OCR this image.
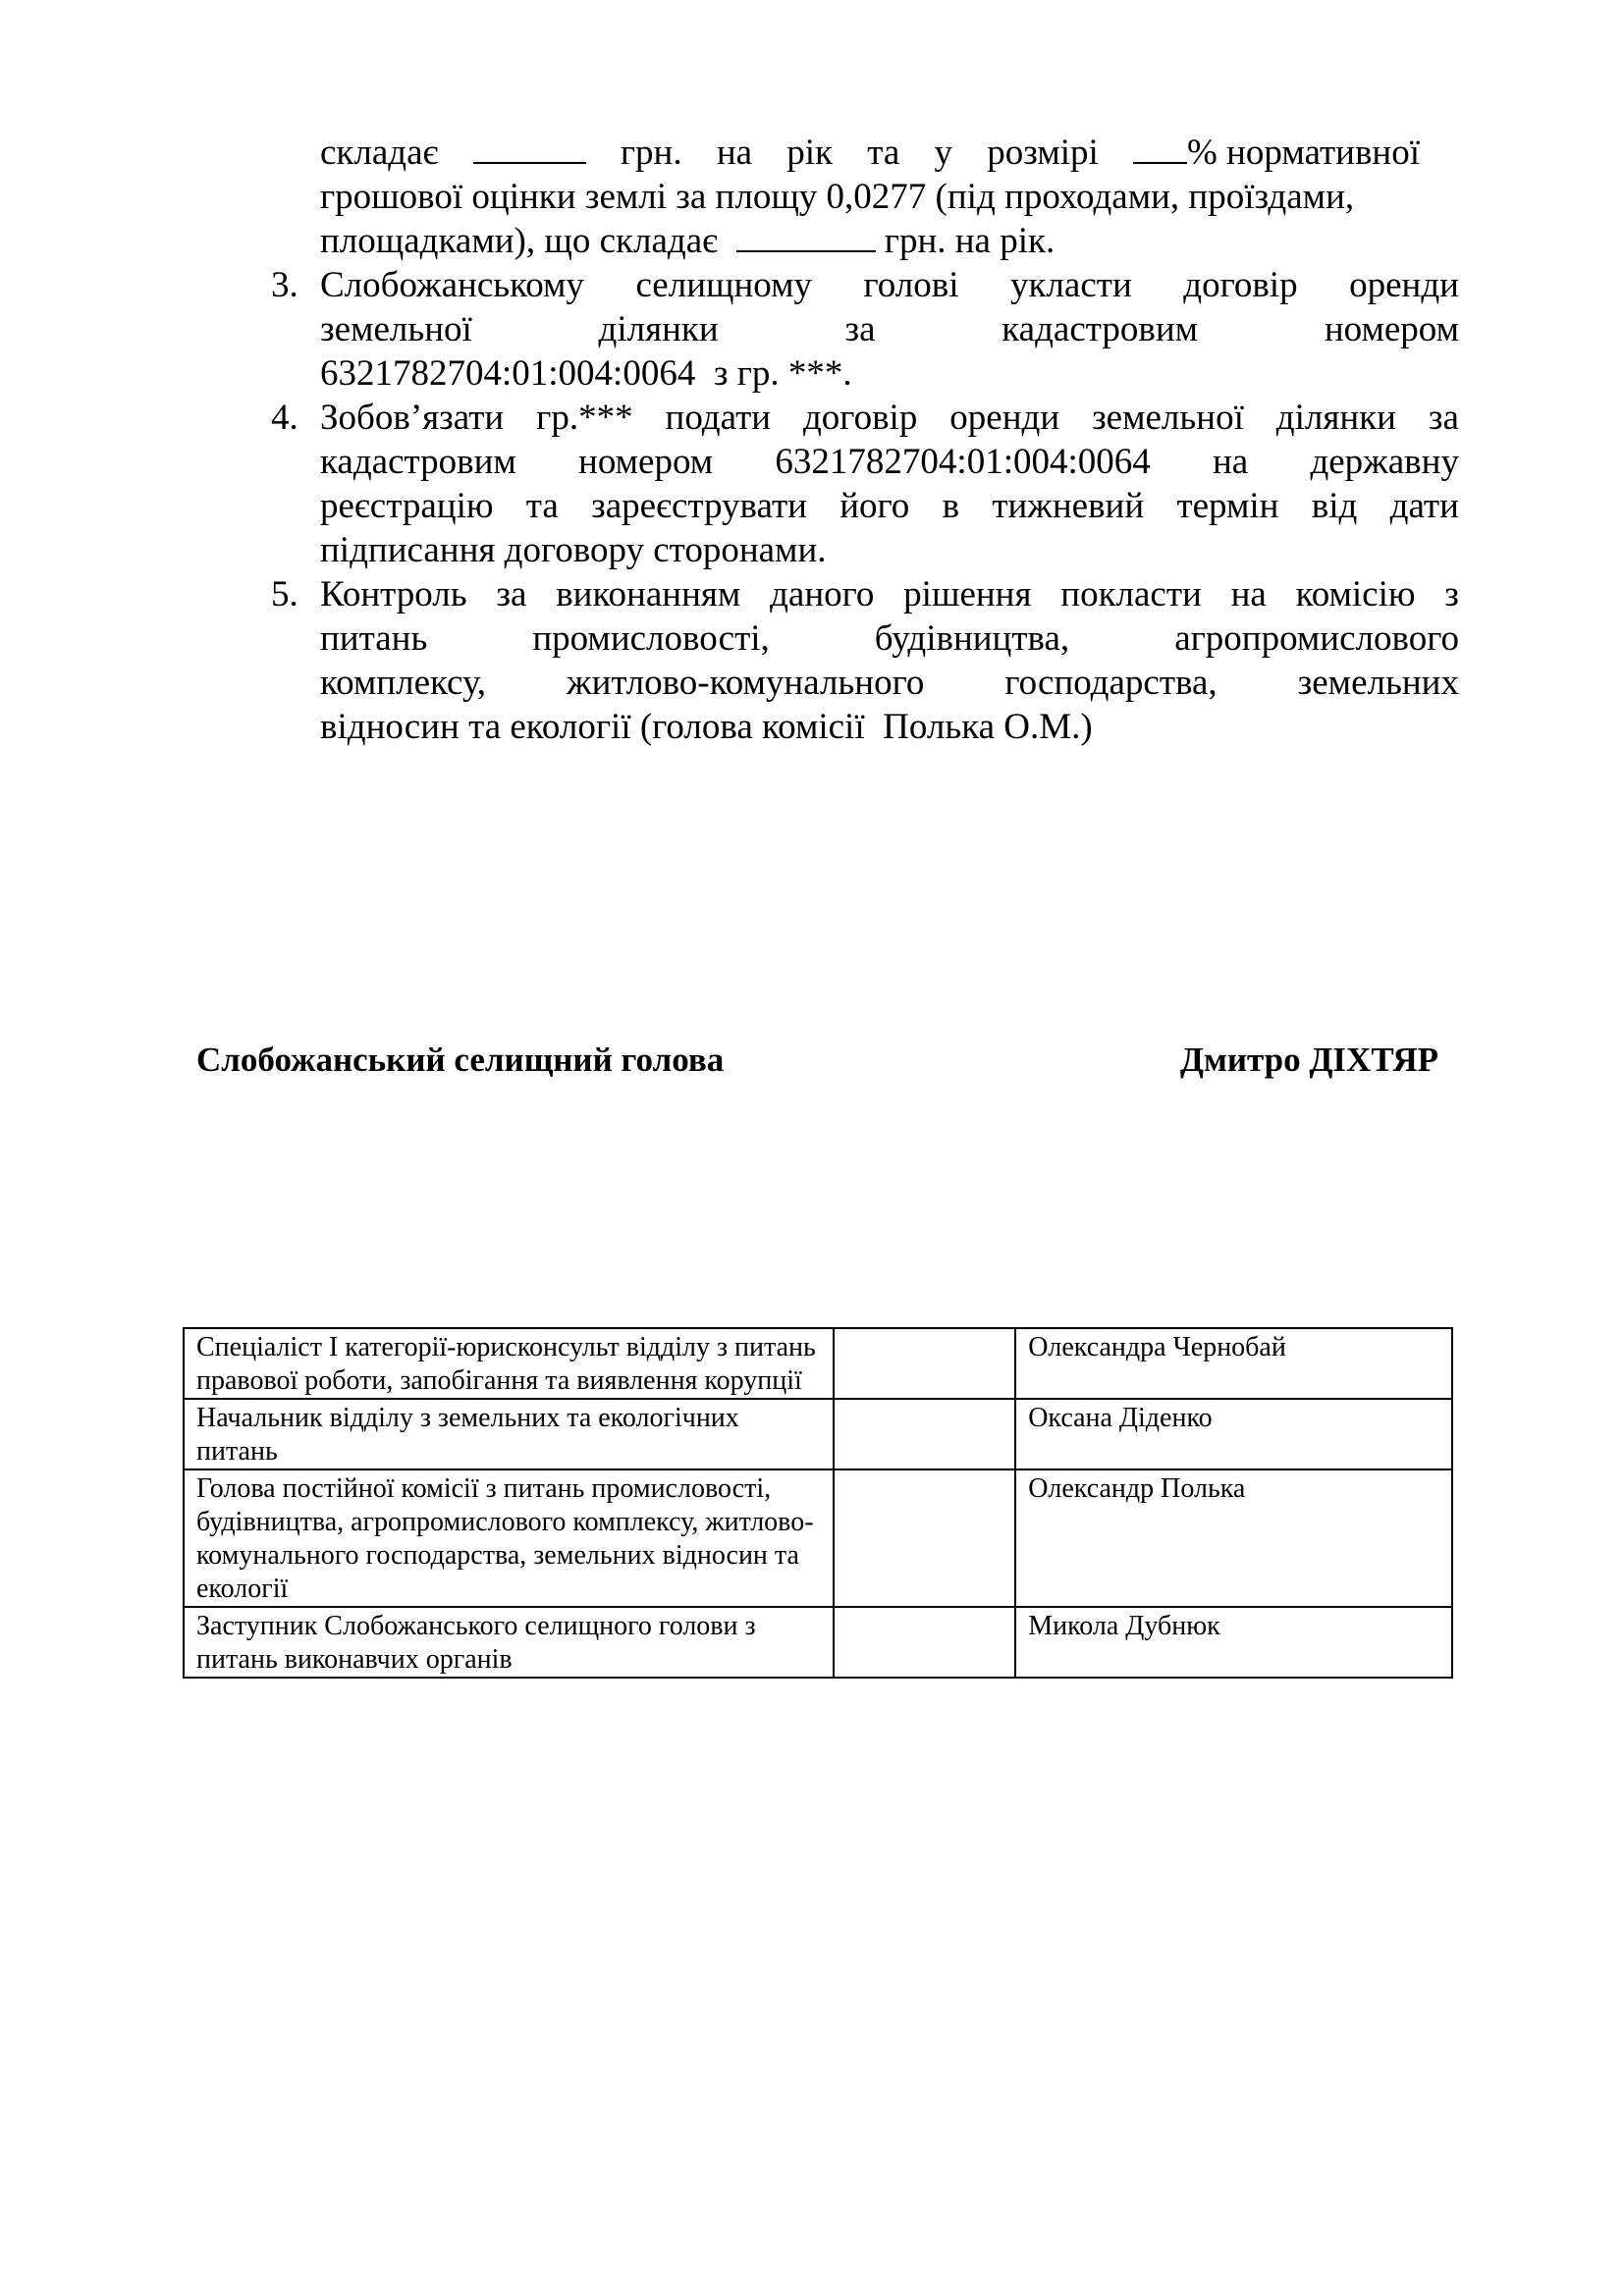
складає	грн. на рік та у розмірі % нормативної
грошової оцінки землі за площу 0,0277 (під проходами, проїздами,
площадками), що складає

	грн. на рік.
3. Слобожанському селищному голові укласти договір оренди
земельної	ділянки	за	кадастровим	номером
6321782704:01:004:0064  з гр. ***.
4. Зобов’язати гр.*** подати договір оренди земельної ділянки за
кадастровим номером 6321782704:01:004:0064 на державну
реєстрацію та зареєструвати його в тижневий термін від дати
підписання договору сторонами.
5. Контроль за виконанням даного рішення покласти на комісію з
питань	промисловості,	будівництва,	агропромислового
комплексу, житлово-комунального господарства, земельних
відносин та екології (голова комісії  Полька О.М.)
Слобожанський селищний голова	Дмитро ДІХТЯР
Спеціаліст І категорії-юрисконсульт відділу з питань правової роботи, запобігання та виявлення корупції		Олександра Чернобай
Начальник відділу з земельних та екологічних питань		Оксана Діденко
Голова постійної комісії з питань промисловості, будівництва, агропромислового комплексу, житлово-комунального господарства, земельних відносин та екології		Олександр Полька
Заступник Слобожанського селищного голови з питань виконавчих органів		Микола Дубнюк
